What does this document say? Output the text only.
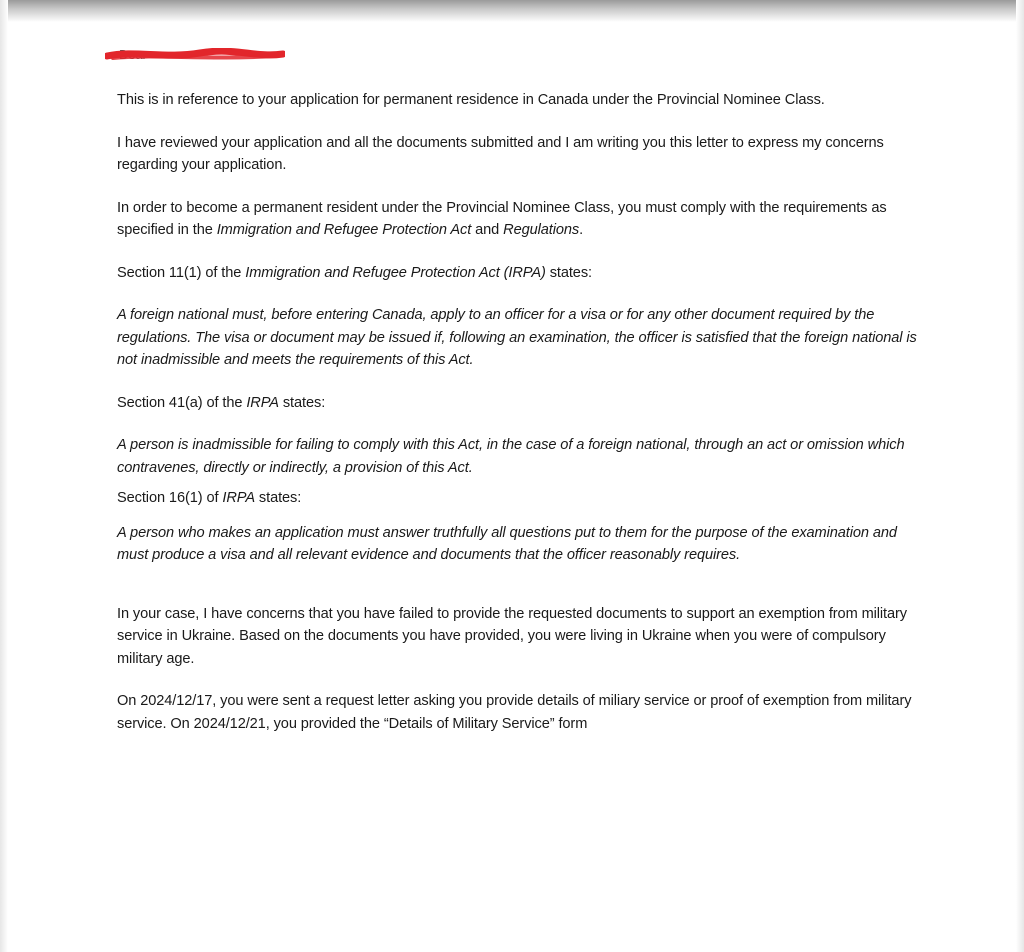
Dear

This is in reference to your application for permanent residence in Canada under the Provincial Nominee Class.

I have reviewed your application and all the documents submitted and I am writing you this letter to express my concerns regarding your application.

In order to become a permanent resident under the Provincial Nominee Class, you must comply with the requirements as specified in the Immigration and Refugee Protection Act and Regulations.

Section 11(1) of the Immigration and Refugee Protection Act (IRPA) states:

A foreign national must, before entering Canada, apply to an officer for a visa or for any other document required by the regulations. The visa or document may be issued if, following an examination, the officer is satisfied that the foreign national is not inadmissible and meets the requirements of this Act.

Section 41(a) of the IRPA states:

A person is inadmissible for failing to comply with this Act, in the case of a foreign national, through an act or omission which contravenes, directly or indirectly, a provision of this Act.

Section 16(1) of IRPA states:

A person who makes an application must answer truthfully all questions put to them for the purpose of the examination and must produce a visa and all relevant evidence and documents that the officer reasonably requires.

In your case, I have concerns that you have failed to provide the requested documents to support an exemption from military service in Ukraine. Based on the documents you have provided, you were living in Ukraine when you were of compulsory military age.

On 2024/12/17, you were sent a request letter asking you provide details of miliary service or proof of exemption from military service. On 2024/12/21, you provided the “Details of Military Service” form
